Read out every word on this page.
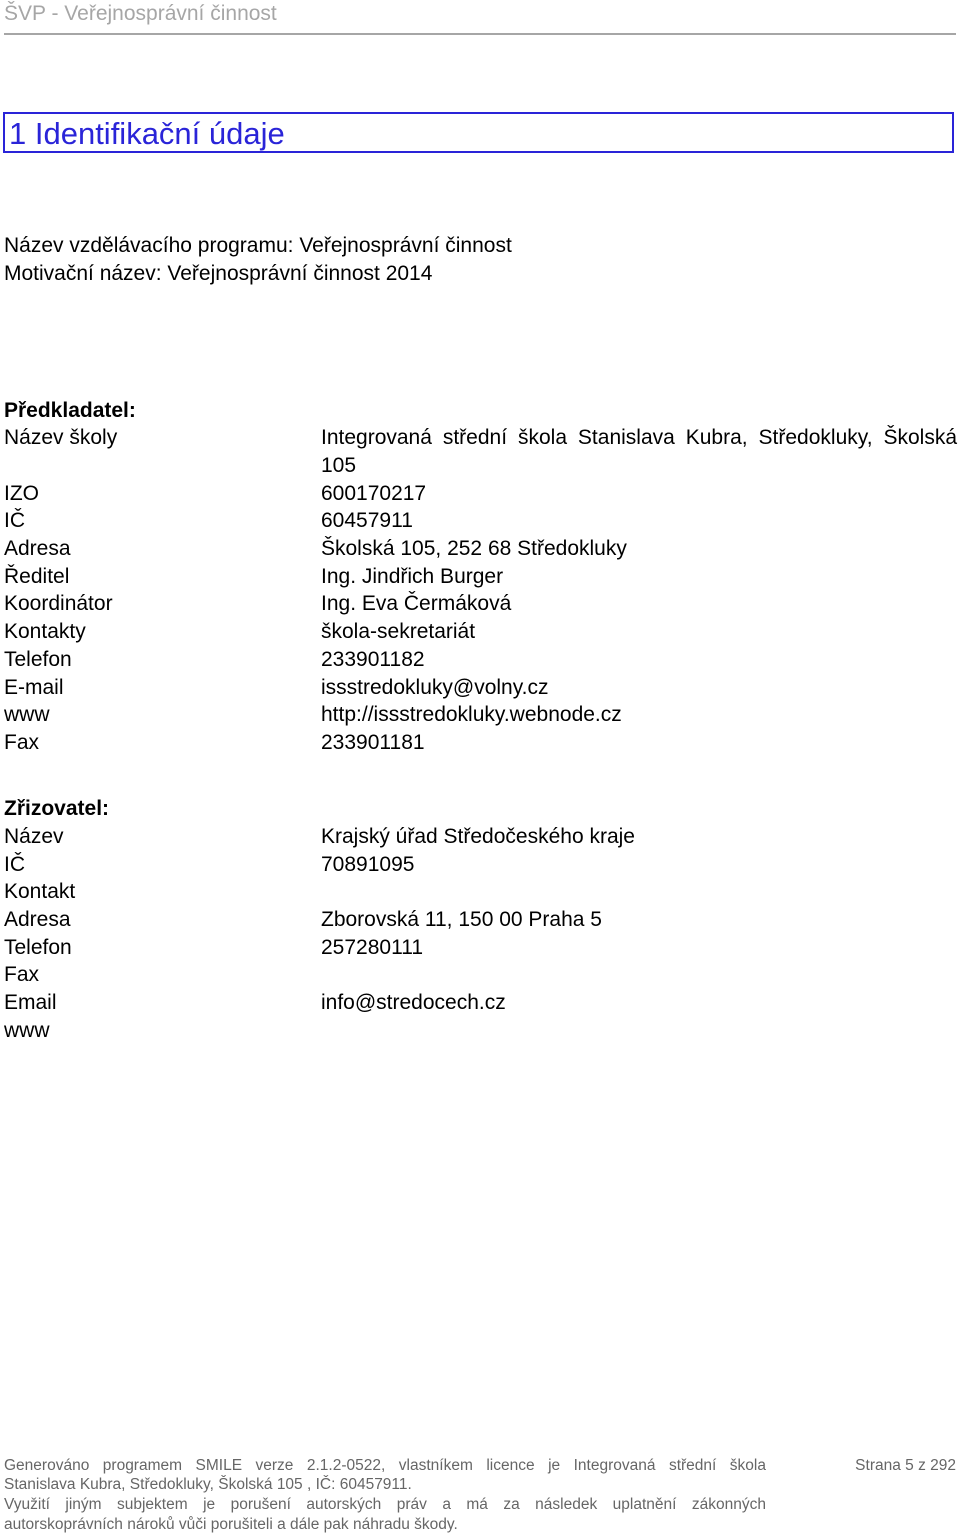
ŠVP - Veřejnosprávní činnost
1 Identifikační údaje
Název vzdělávacího programu: Veřejnosprávní činnost
Motivační název: Veřejnosprávní činnost 2014
Předkladatel:
Název školy	Integrovaná střední škola Stanislava Kubra, Středokluky, Školská 105
IZO	600170217
IČ	60457911
Adresa	Školská 105, 252 68 Středokluky
Ředitel	Ing. Jindřich Burger
Koordinátor	Ing. Eva Čermáková
Kontakty	škola-sekretariát
Telefon	233901182
E-mail	issstredokluky@volny.cz
www	http://issstredokluky.webnode.cz
Fax	233901181
Zřizovatel:
Název	Krajský úřad Středočeského kraje
IČ	70891095
Kontakt
Adresa	Zborovská 11, 150 00 Praha 5
Telefon	257280111
Fax
Email	info@stredocech.cz
www
Generováno programem SMILE verze 2.1.2-0522, vlastníkem licence je Integrovaná střední škola
Stanislava Kubra, Středokluky, Školská 105 , IČ: 60457911.
Využití jiným subjektem je porušení autorských práv a má za následek uplatnění zákonných
autorskoprávních nároků vůči porušiteli a dále pak náhradu škody.
Strana 5 z 292
